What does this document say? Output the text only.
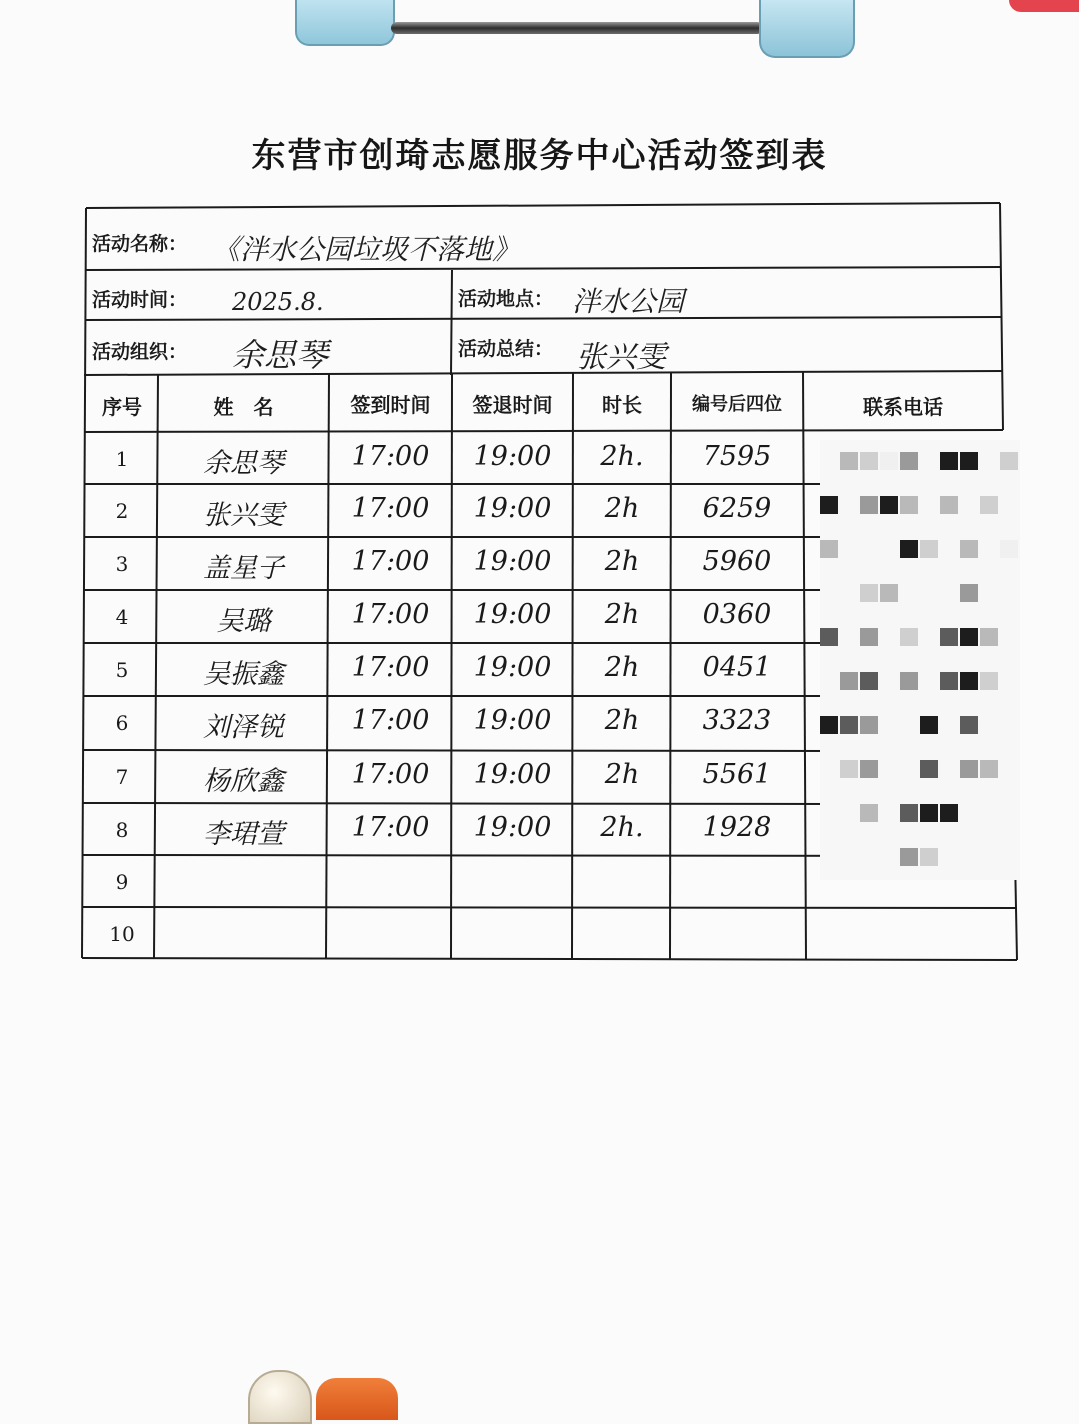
东营市创琦志愿服务中心活动签到表
活动名称： 《泮水公园垃圾不落地》
活动时间： 2025.8.	活动地点： 泮水公园
活动组织： 余思琴	活动总结： 张兴雯
序号	姓　名	签到时间	签退时间	时长	编号后四位	联系电话
1	余思琴	17:00	19:00	2h.	7595
2	张兴雯	17:00	19:00	2h	6259
3	盖星子	17:00	19:00	2h	5960
4	吴璐	17:00	19:00	2h	0360
5	吴振鑫	17:00	19:00	2h	0451
6	刘泽锐	17:00	19:00	2h	3323
7	杨欣鑫	17:00	19:00	2h	5561
8	李珺萱	17:00	19:00	2h.	1928
9
10
